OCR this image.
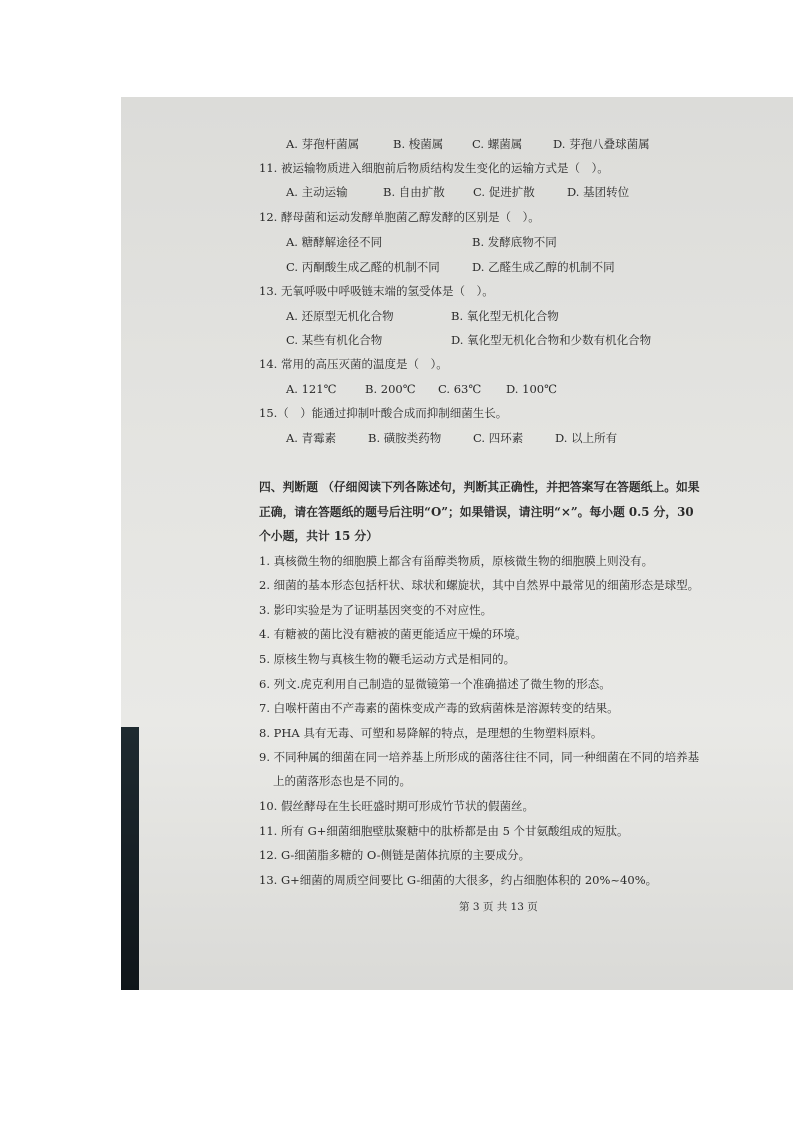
A. 芽孢杆菌属	B. 梭菌属 C. 螺菌属	D. 芽孢八叠球菌属
11. 被运输物质进入细胞前后物质结构发生变化的运输方式是（　）。
A. 主动运输	B. 自由扩散 C. 促进扩散	D. 基团转位
12. 酵母菌和运动发酵单胞菌乙醇发酵的区别是（　）。
A. 糖酵解途径不同	B. 发酵底物不同
C. 丙酮酸生成乙醛的机制不同	D. 乙醛生成乙醇的机制不同
13. 无氧呼吸中呼吸链末端的氢受体是（　）。
A. 还原型无机化合物	B. 氧化型无机化合物
C. 某些有机化合物	D. 氧化型无机化合物和少数有机化合物
14. 常用的高压灭菌的温度是（　）。
A. 121℃ B. 200℃ C. 63℃ D. 100℃
15.（　）能通过抑制叶酸合成而抑制细菌生长。
A. 青霉素	B. 磺胺类药物	C. 四环素	D. 以上所有
四、判断题 （仔细阅读下列各陈述句，判断其正确性，并把答案写在答题纸上。如果
正确，请在答题纸的题号后注明“O”；如果错误，请注明“×”。每小题 0.5 分，30
个小题，共计 15 分）
1. 真核微生物的细胞膜上都含有甾醇类物质，原核微生物的细胞膜上则没有。
2. 细菌的基本形态包括杆状、球状和螺旋状，其中自然界中最常见的细菌形态是球型。
3. 影印实验是为了证明基因突变的不对应性。
4. 有糖被的菌比没有糖被的菌更能适应干燥的环境。
5. 原核生物与真核生物的鞭毛运动方式是相同的。
6. 列文.虎克利用自己制造的显微镜第一个准确描述了微生物的形态。
7. 白喉杆菌由不产毒素的菌株变成产毒的致病菌株是溶源转变的结果。
8. PHA 具有无毒、可塑和易降解的特点，是理想的生物塑料原料。
9. 不同种属的细菌在同一培养基上所形成的菌落往往不同，同一种细菌在不同的培养基
上的菌落形态也是不同的。
10. 假丝酵母在生长旺盛时期可形成竹节状的假菌丝。
11. 所有 G+细菌细胞壁肽聚糖中的肽桥都是由 5 个甘氨酸组成的短肽。
12. G-细菌脂多糖的 O-侧链是菌体抗原的主要成分。
13. G+细菌的周质空间要比 G-细菌的大很多，约占细胞体积的 20%~40%。
第 3 页 共 13 页
